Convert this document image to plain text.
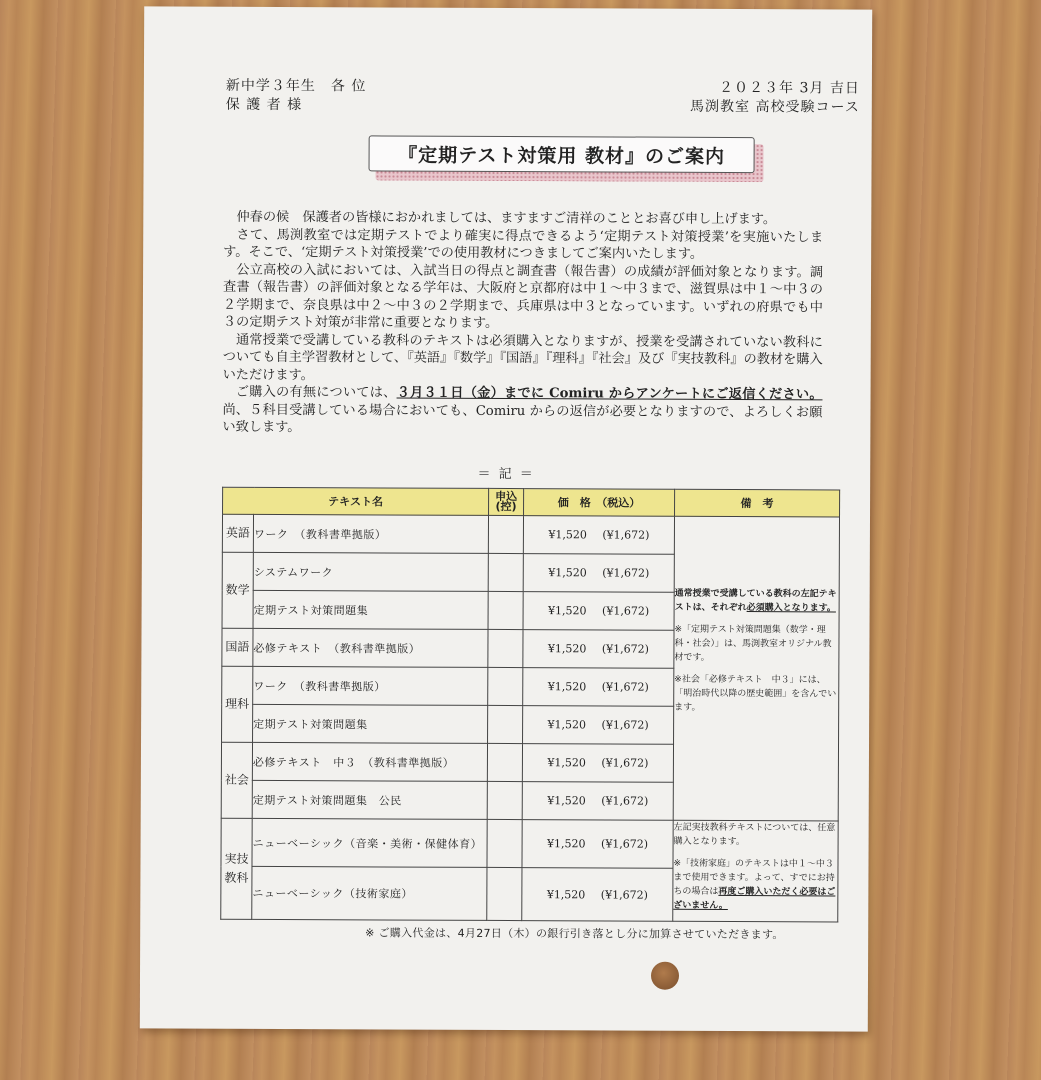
新中学３年生　各 位
保 護 者 様
２０２３年 3月 吉日
馬渕教室 高校受験コース
『定期テスト対策用 教材』のご案内

仲春の候　保護者の皆様におかれましては、ますますご清祥のこととお喜び申し上げます。

さて、馬渕教室では定期テストでより確実に得点できるよう‘定期テスト対策授業’を実施いたします。そこで、‘定期テスト対策授業’での使用教材につきましてご案内いたします。

公立高校の入試においては、入試当日の得点と調査書（報告書）の成績が評価対象となります。調査書（報告書）の評価対象となる学年は、大阪府と京都府は中１～中３まで、滋賀県は中１～中３の２学期まで、奈良県は中２～中３の２学期まで、兵庫県は中３となっています。いずれの府県でも中３の定期テスト対策が非常に重要となります。

通常授業で受講している教科のテキストは必須購入となりますが、授業を受講されていない教科についても自主学習教材として、『英語』『数学』『国語』『理科』『社会』及び『実技教科』の教材を購入いただけます。

ご購入の有無については、３月３１日（金）までに Comiru からアンケートにご返信ください。尚、５科目受講している場合においても、Comiru からの返信が必要となりますので、よろしくお願い致します。

＝ 記 ＝
テキスト名		申込(控)	価　格　（税込）	備　考
英語	ワーク　（教科書準拠版）		¥1,520 (¥1,672)	通常授業で受講している教科の左記テキストは、それぞれ必須購入となります。

※「定期テスト対策問題集（数学・理科・社会）」は、馬渕教室オリジナル教材です。

※社会「必修テキスト　中３」には、「明治時代以降の歴史範囲」を含んでいます。

数学	システムワーク		¥1,520 (¥1,672)	
	定期テスト対策問題集		¥1,520 (¥1,672)	
国語	必修テキスト　（教科書準拠版）		¥1,520 (¥1,672)	
理科	ワーク　（教科書準拠版）		¥1,520 (¥1,672)	
	定期テスト対策問題集		¥1,520 (¥1,672)	
社会	必修テキスト　中３　（教科書準拠版）		¥1,520 (¥1,672)	
	定期テスト対策問題集　公民		¥1,520 (¥1,672)	
実技教科	ニューベーシック（音楽・美術・保健体育）		¥1,520 (¥1,672)	左記実技教科テキストについては、任意購入となります。

※「技術家庭」のテキストは中１～中３まで使用できます。よって、すでにお持ちの場合は再度ご購入いただく必要はございません。

	ニューベーシック（技術家庭）		¥1,520 (¥1,672)	
※ ご購入代金は、4月27日（木）の銀行引き落とし分に加算させていただきます。
